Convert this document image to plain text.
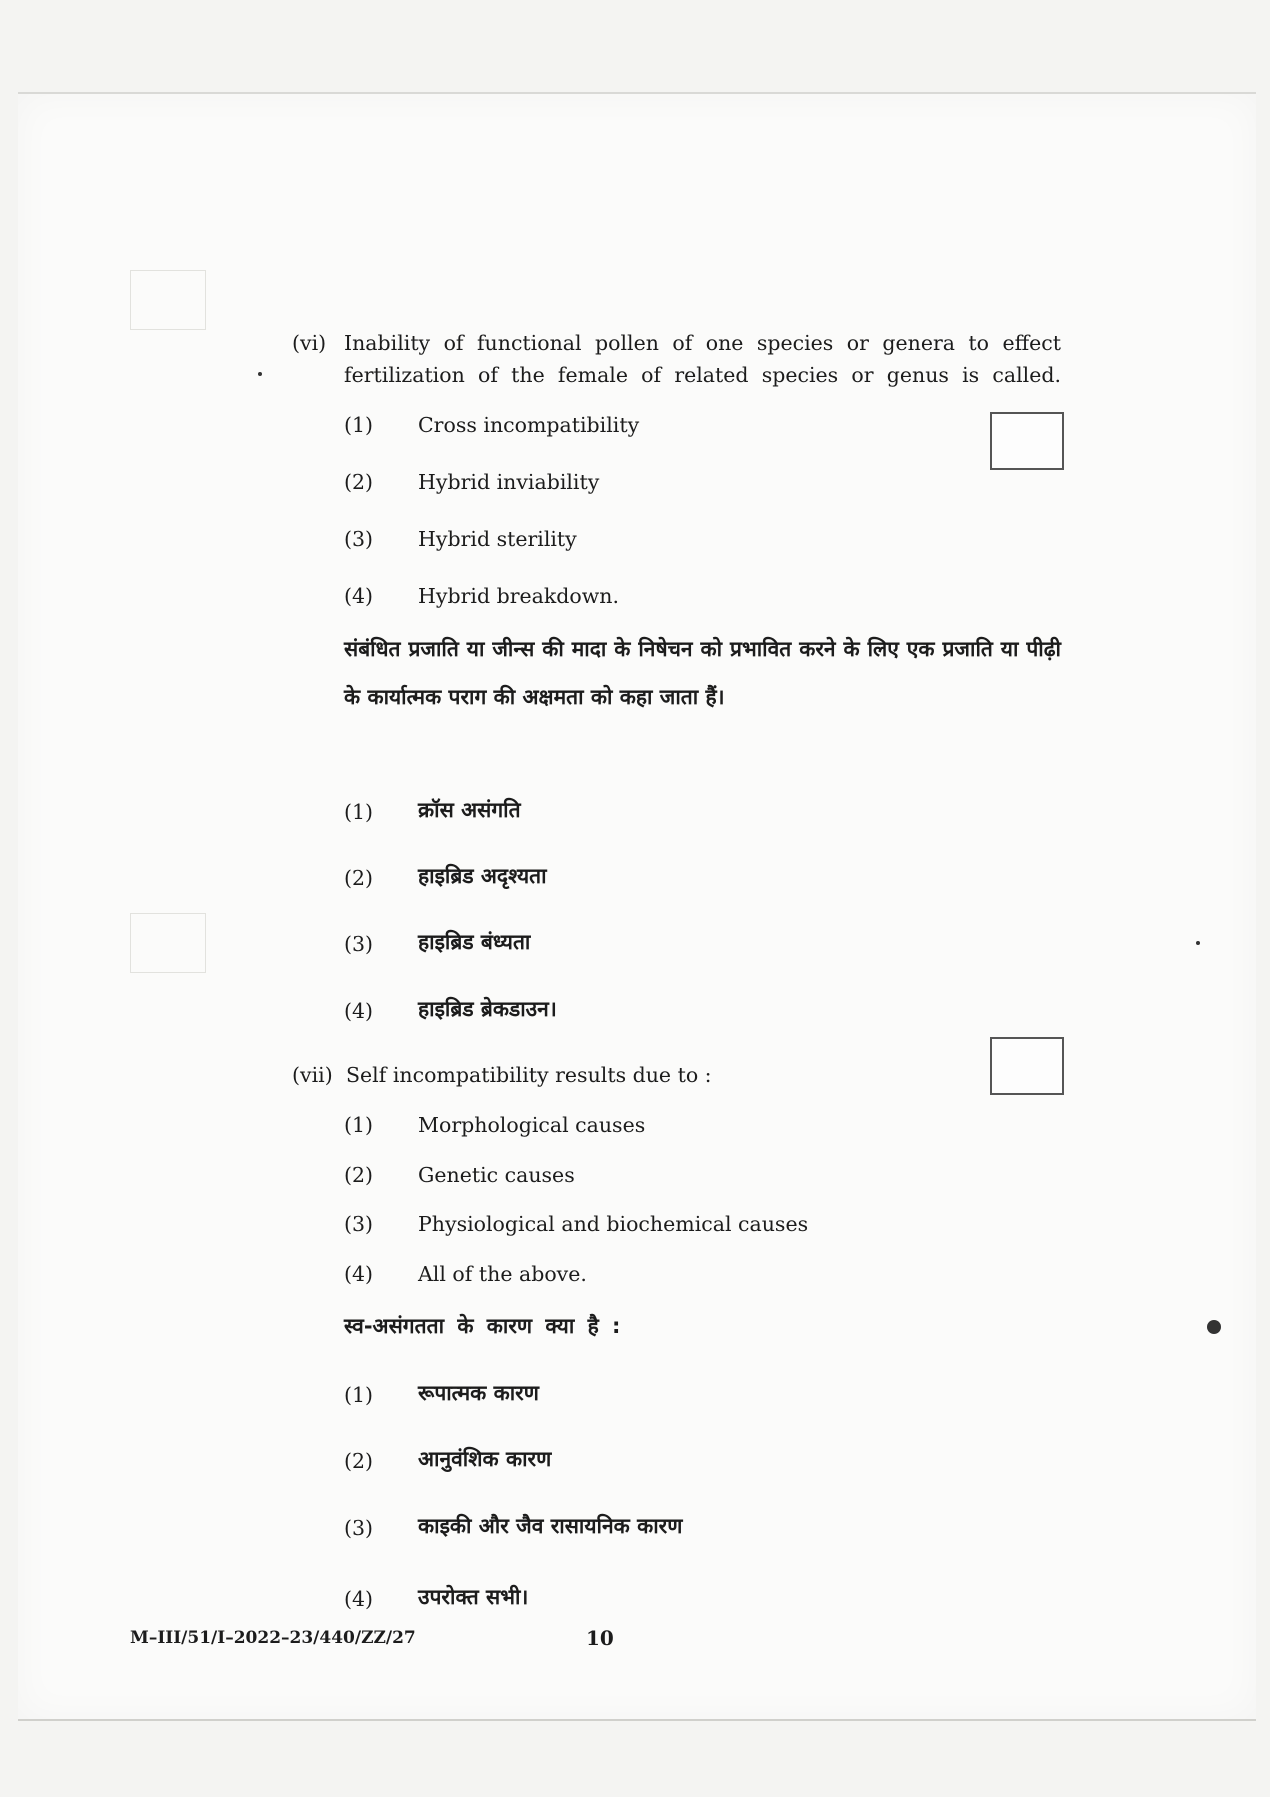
(vi) Inability of functional pollen of one species or genera to effect fertilization of the female of related species or genus is called.
(1) Cross incompatibility
(2) Hybrid inviability
(3) Hybrid sterility
(4) Hybrid breakdown.
संबंधित प्रजाति या जीन्स की मादा के निषेचन को प्रभावित करने के लिए एक प्रजाति या पीढ़ी के कार्यात्मक पराग की अक्षमता को कहा जाता हैं।
(1) क्रॉस असंगति
(2) हाइब्रिड अदृश्यता
(3) हाइब्रिड बंध्यता
(4) हाइब्रिड ब्रेकडाउन।
(vii) Self incompatibility results due to :
(1) Morphological causes
(2) Genetic causes
(3) Physiological and biochemical causes
(4) All of the above.
स्व-असंगतता के कारण क्या है :
(1) रूपात्मक कारण
(2) आनुवंशिक कारण
(3) काइकी और जैव रासायनिक कारण
(4) उपरोक्त सभी।
M–III/51/I–2022–23/440/ZZ/27	10
